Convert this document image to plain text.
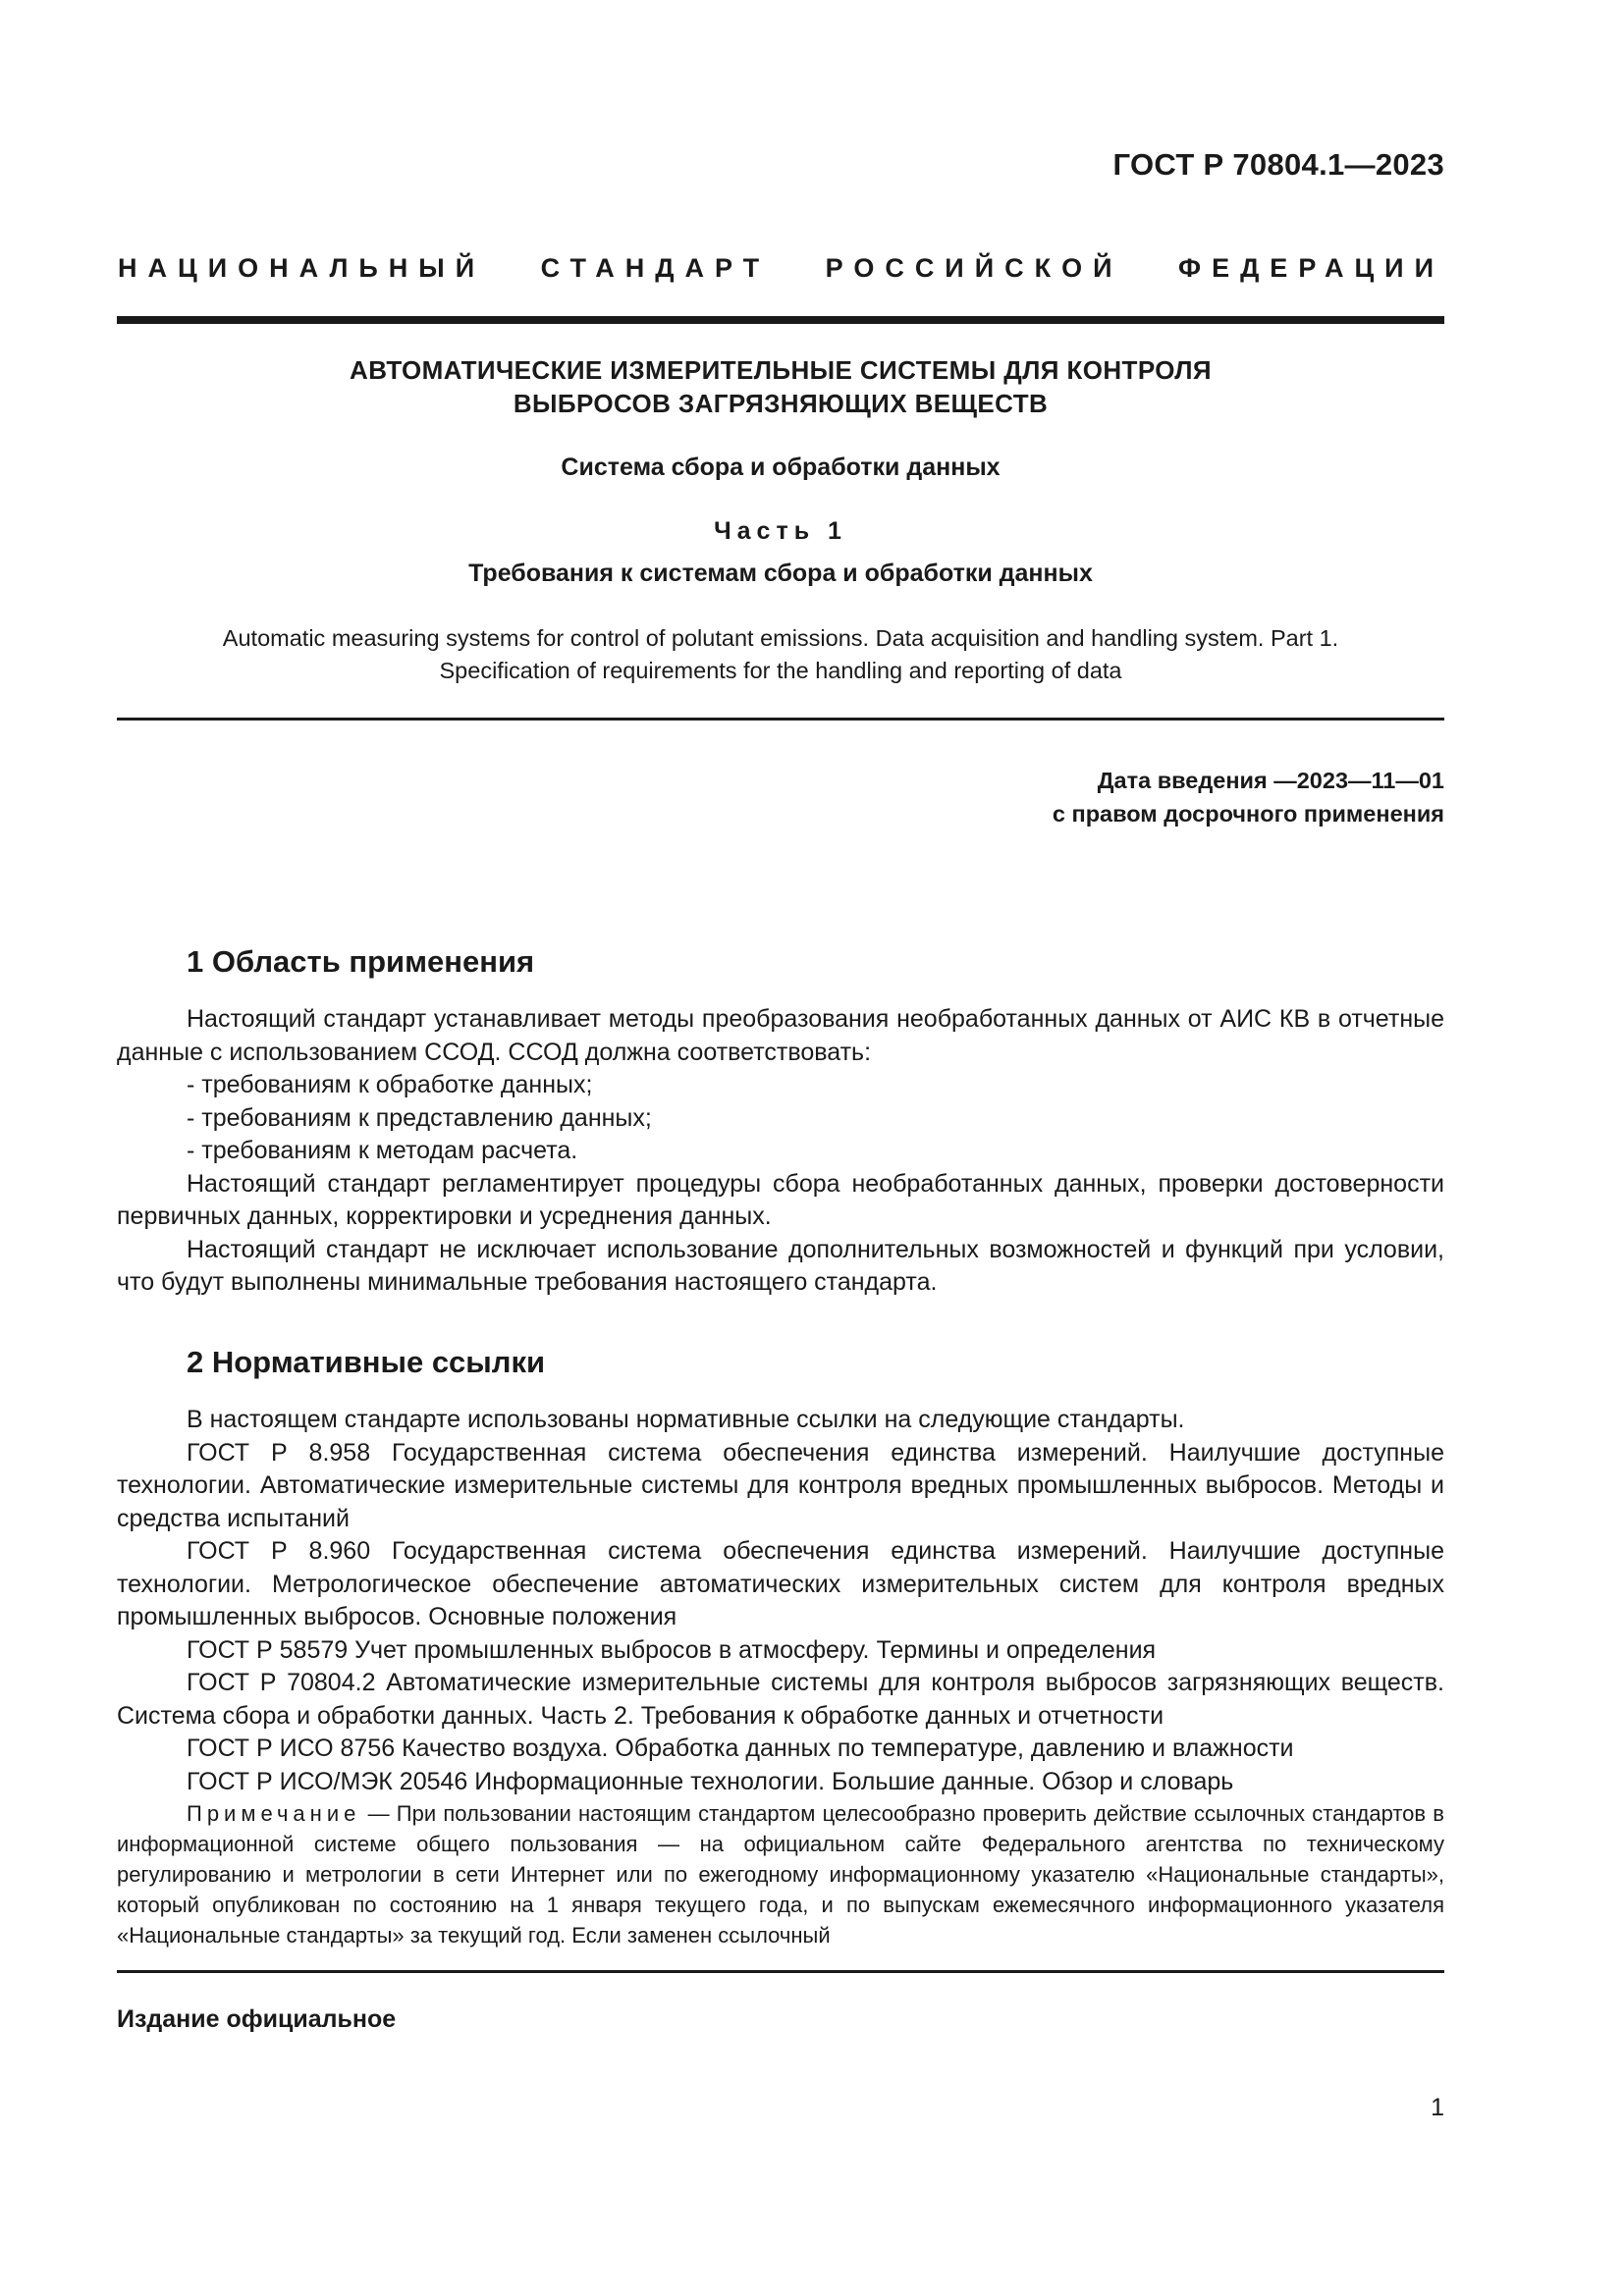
ГОСТ Р 70804.1—2023
НАЦИОНАЛЬНЫЙ СТАНДАРТ РОССИЙСКОЙ ФЕДЕРАЦИИ
АВТОМАТИЧЕСКИЕ ИЗМЕРИТЕЛЬНЫЕ СИСТЕМЫ ДЛЯ КОНТРОЛЯ
ВЫБРОСОВ ЗАГРЯЗНЯЮЩИХ ВЕЩЕСТВ
Система сбора и обработки данных
Часть 1
Требования к системам сбора и обработки данных
Automatic measuring systems for control of polutant emissions. Data acquisition and handling system. Part 1.
Specification of requirements for the handling and reporting of data
Дата введения —2023—11—01
с правом досрочного применения
1 Область применения

Настоящий стандарт устанавливает методы преобразования необработанных данных от АИС КВ в отчетные данные с использованием ССОД. ССОД должна соответствовать:

- требованиям к обработке данных;

- требованиям к представлению данных;

- требованиям к методам расчета.

Настоящий стандарт регламентирует процедуры сбора необработанных данных, проверки достоверности первичных данных, корректировки и усреднения данных.

Настоящий стандарт не исключает использование дополнительных возможностей и функций при условии, что будут выполнены минимальные требования настоящего стандарта.

2 Нормативные ссылки

В настоящем стандарте использованы нормативные ссылки на следующие стандарты.

ГОСТ Р 8.958 Государственная система обеспечения единства измерений. Наилучшие доступные технологии. Автоматические измерительные системы для контроля вредных промышленных выбросов. Методы и средства испытаний

ГОСТ Р 8.960 Государственная система обеспечения единства измерений. Наилучшие доступные технологии. Метрологическое обеспечение автоматических измерительных систем для контроля вредных промышленных выбросов. Основные положения

ГОСТ Р 58579 Учет промышленных выбросов в атмосферу. Термины и определения

ГОСТ Р 70804.2 Автоматические измерительные системы для контроля выбросов загрязняющих веществ. Система сбора и обработки данных. Часть 2. Требования к обработке данных и отчетности

ГОСТ Р ИСО 8756 Качество воздуха. Обработка данных по температуре, давлению и влажности

ГОСТ Р ИСО/МЭК 20546 Информационные технологии. Большие данные. Обзор и словарь

Примечание — При пользовании настоящим стандартом целесообразно проверить действие ссылочных стандартов в информационной системе общего пользования — на официальном сайте Федерального агентства по техническому регулированию и метрологии в сети Интернет или по ежегодному информационному указателю «Национальные стандарты», который опубликован по состоянию на 1 января текущего года, и по выпускам ежемесячного информационного указателя «Национальные стандарты» за текущий год. Если заменен ссылочный

Издание официальное
1
